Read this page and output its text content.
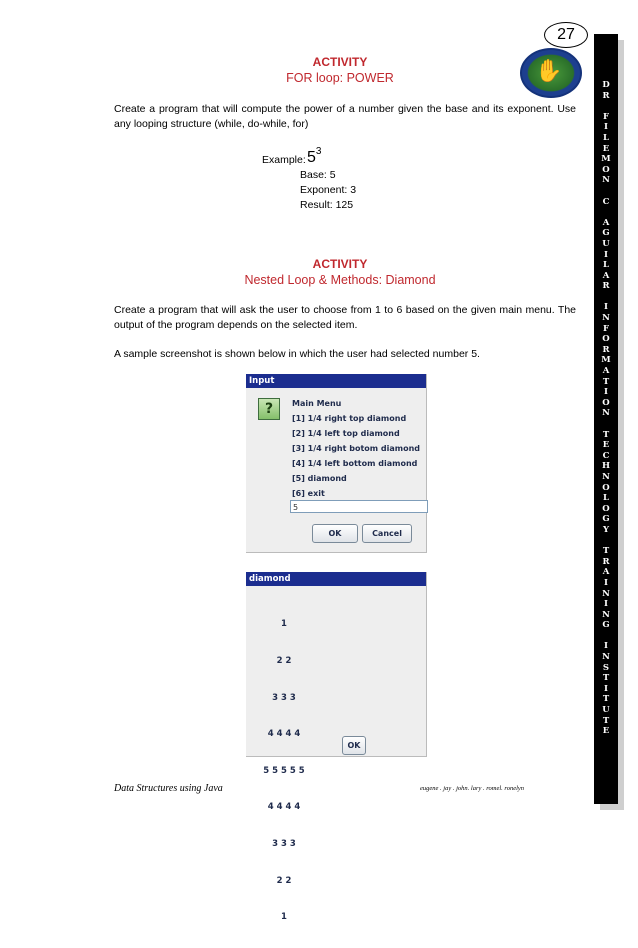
27
✋
D
R

F
I
L
E
M
O
N

C

A
G
U
I
L
A
R

I
N
F
O
R
M
A
T
I
O
N

T
E
C
H
N
O
L
O
G
Y

T
R
A
I
N
I
N
G

I
N
S
T
I
T
U
T
E
ACTIVITY
FOR loop: POWER
Create a program that will compute the power of a number given the base and its exponent. Use any looping structure (while, do-while, for)
Example: $5^3$
Base: 5
Exponent: 3
Result: 125
ACTIVITY
Nested Loop & Methods: Diamond
Create a program that will ask the user to choose from 1 to 6 based on the given main menu. The output of the program depends on the selected item.
A sample screenshot is shown below in which the user had selected number 5.
Input
?	Main Menu
[1] 1/4 right top diamond
[2] 1/4 left top diamond
[3] 1/4 right botom diamond
[4] 1/4 left bottom diamond
[5] diamond
[6] exit
5
OK	Cancel
diamond

1

2 2

3 3 3

4 4 4 4

5 5 5 5 5

4 4 4 4

3 3 3

2 2

1

OK
Data Structures using Java	eugene . jay . john. lary . romel. ronelyn
